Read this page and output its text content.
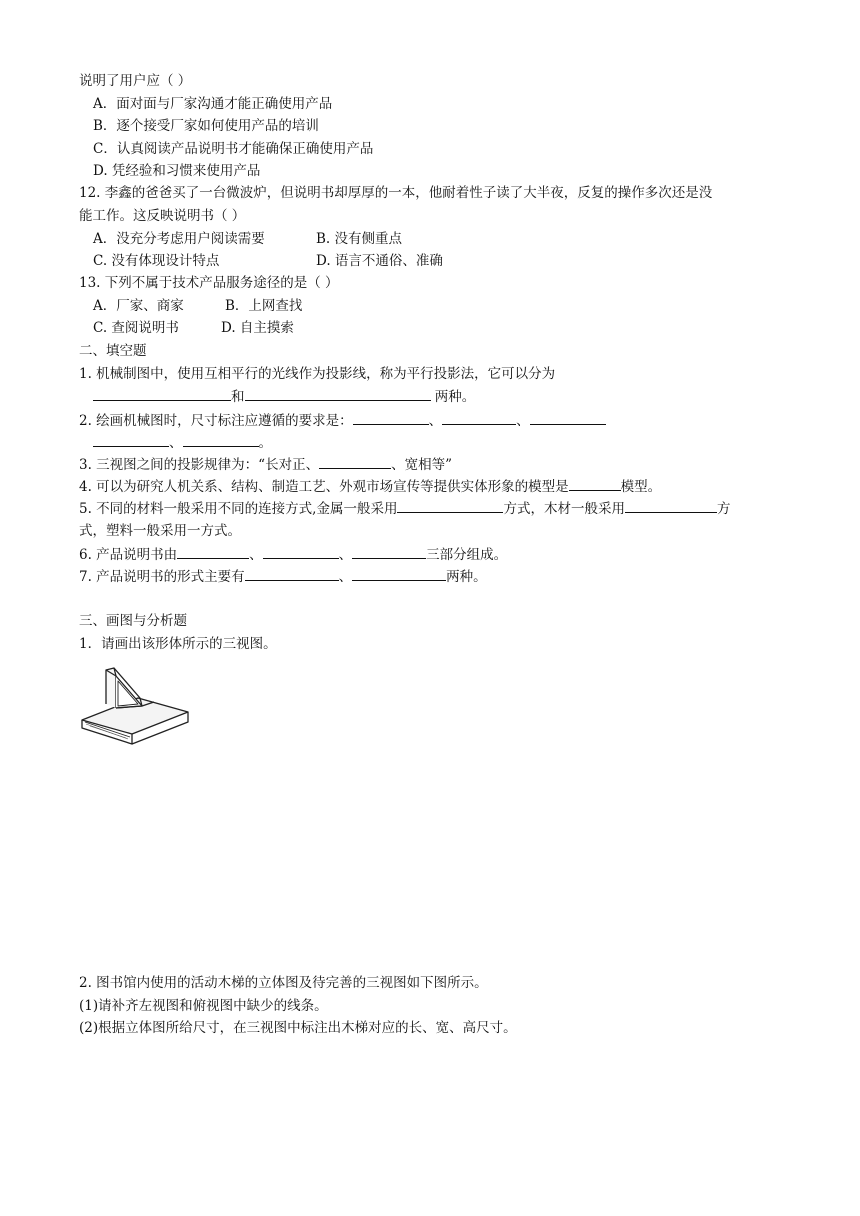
说明了用户应（ ）
A．面对面与厂家沟通才能正确使用产品
B．逐个接受厂家如何使用产品的培训
C．认真阅读产品说明书才能确保正确使用产品
D. 凭经验和习惯来使用产品
12. 李鑫的爸爸买了一台微波炉，但说明书却厚厚的一本，他耐着性子读了大半夜，反复的操作多次还是没
能工作。这反映说明书（ ）
A．没充分考虑用户阅读需要	B. 没有侧重点
C. 没有体现设计特点	D. 语言不通俗、准确
13. 下列不属于技术产品服务途径的是（ ）
A．厂家、商家	B．上网查找
C. 查阅说明书	D. 自主摸索
二、填空题
1. 机械制图中，使用互相平行的光线作为投影线，称为平行投影法，它可以分为
和	两种。
2. 绘画机械图时，尺寸标注应遵循的要求是：	、	、
、	。
3. 三视图之间的投影规律为：“长对正、	、宽相等”
4. 可以为研究人机关系、结构、制造工艺、外观市场宣传等提供实体形象的模型是	模型。
5. 不同的材料一般采用不同的连接方式,金属一般采用	方式，木材一般采用	方
式，塑料一般采用一方式。
6. 产品说明书由	、	、	三部分组成。
7. 产品说明书的形式主要有	、	两种。
三、画图与分析题
1．请画出该形体所示的三视图。
2. 图书馆内使用的活动木梯的立体图及待完善的三视图如下图所示。
(1)请补齐左视图和俯视图中缺少的线条。
(2)根据立体图所给尺寸，在三视图中标注出木梯对应的长、宽、高尺寸。
